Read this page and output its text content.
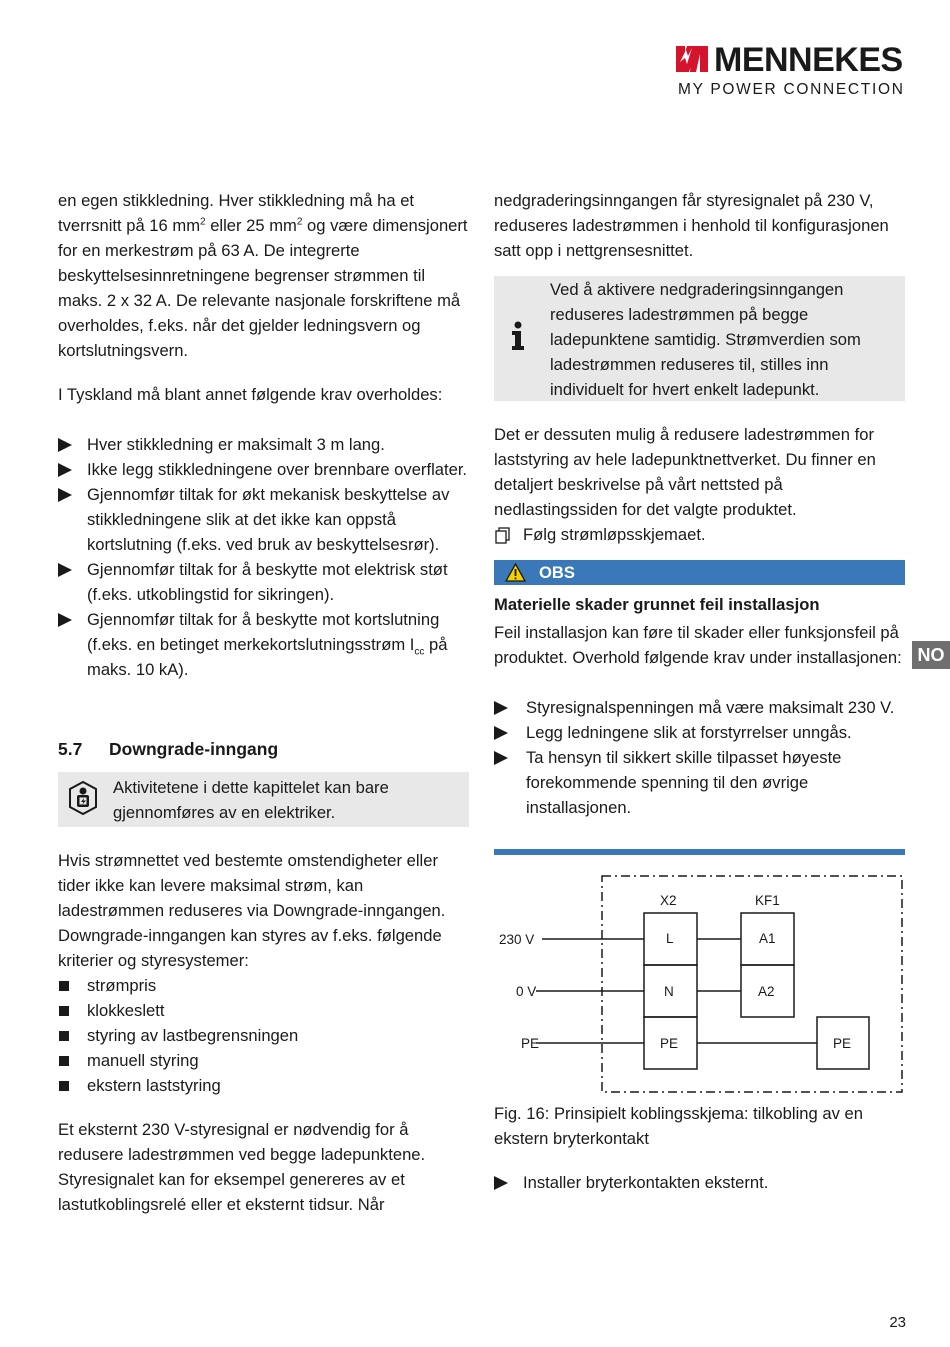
MENNEKES
MY POWER CONNECTION

en egen stikkledning. Hver stikkledning må ha et tverrsnitt på 16 $mm^2$ eller 25 $mm^2$ og være dimensjonert for en merkestrøm på 63 A. De integrerte beskyttelsesinnretningene begrenser strømmen til maks. 2 x 32 A. De relevante nasjonale forskriftene må overholdes, f.eks. når det gjelder ledningsvern og kortslutningsvern.

I Tyskland må blant annet følgende krav overholdes:

Hver stikkledning er maksimalt 3 m lang.
Ikke legg stikkledningene over brennbare overflater.
Gjennomfør tiltak for økt mekanisk beskyttelse av stikkledningene slik at det ikke kan oppstå kortslutning (f.eks. ved bruk av beskyttelsesrør).
Gjennomfør tiltak for å beskytte mot elektrisk støt (f.eks. utkoblingstid for sikringen).
Gjennomfør tiltak for å beskytte mot kortslutning (f.eks. en betinget merkekortslutningsstrøm $I_{cc}$ på maks. 10 kA).
5.7 Downgrade-inngang

Aktivitetene i dette kapittelet kan bare gjennomføres av en elektriker.

Hvis strømnettet ved bestemte omstendigheter eller tider ikke kan levere maksimal strøm, kan ladestrømmen reduseres via Downgrade-inngangen. Downgrade-inngangen kan styres av f.eks. følgende kriterier og styresystemer:

strømpris
klokkeslett
styring av lastbegrensningen
manuell styring
ekstern laststyring

Et eksternt 230 V-styresignal er nødvendig for å redusere ladestrømmen ved begge ladepunktene. Styresignalet kan for eksempel genereres av et lastutkoblingsrelé eller et eksternt tidsur. Når

nedgraderingsinngangen får styresignalet på 230 V, reduseres ladestrømmen i henhold til konfigurasjonen satt opp i nettgrensesnittet.

Ved å aktivere nedgraderingsinngangen reduseres ladestrømmen på begge ladepunktene samtidig. Strømverdien som ladestrømmen reduseres til, stilles inn individuelt for hvert enkelt ladepunkt.

Det er dessuten mulig å redusere ladestrømmen for laststyring av hele ladepunktnettverket. Du finner en detaljert beskrivelse på vårt nettsted på nedlastingssiden for det valgte produktet.

Følg strømløpsskjemaet.
OBS

Materielle skader grunnet feil installasjon

Feil installasjon kan føre til skader eller funksjonsfeil på produktet. Overhold følgende krav under installasjonen:

Styresignalspenningen må være maksimalt 230 V.
Legg ledningene slik at forstyrrelser unngås.
Ta hensyn til sikkert skille tilpasset høyeste forekommende spenning til den øvrige installasjonen.
X2	KF1
230 V
0 V
PE
L
N
PE
A1
A2
PE

Fig. 16: Prinsipielt koblingsskjema: tilkobling av en ekstern bryterkontakt

Installer bryterkontakten eksternt.
NO
23
